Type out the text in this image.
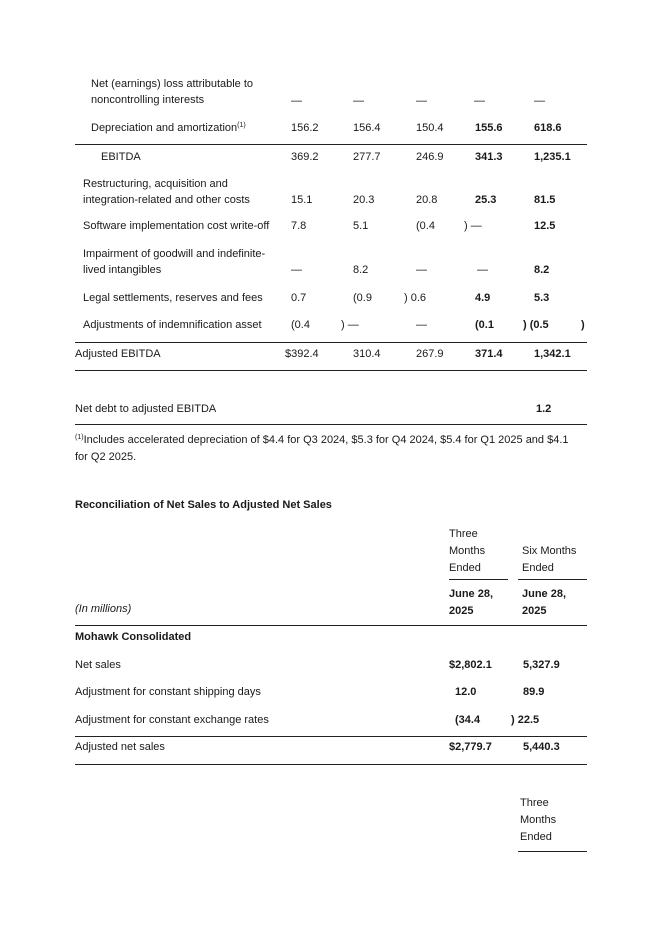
Net (earnings) loss attributable to
noncontrolling interests	—	—	—	—	—
Depreciation and amortization$^{(1)}$	156.2	156.4	150.4	155.6	618.6
EBITDA	369.2	277.7	246.9	341.3	1,235.1
Restructuring, acquisition and
integration-related and other costs	15.1	20.3	20.8	25.3	81.5
Software implementation cost write-off 7.8	5.1	(0.4	) —	12.5
Impairment of goodwill and indefinite-
lived intangibles	—	8.2	—	—	8.2
Legal settlements, reserves and fees	0.7	(0.9	) 0.6	4.9	5.3
Adjustments of indemnification asset	(0.4	) —	—	(0.1	) (0.5	)
Adjusted EBITDA	$392.4	310.4	267.9	371.4	1,342.1
Net debt to adjusted EBITDA	1.2
$^{(1)}$Includes accelerated depreciation of $4.4 for Q3 2024, $5.3 for Q4 2024, $5.4 for Q1 2025 and $4.1
for Q2 2025.
Reconciliation of Net Sales to Adjusted Net Sales
Three
Months
Ended
Six Months
Ended
June 28,
2025
June 28,
2025
(In millions)
Mohawk Consolidated
Net sales	$2,802.1	5,327.9
Adjustment for constant shipping days	12.0	89.9
Adjustment for constant exchange rates	(34.4	) 22.5
Adjusted net sales	$2,779.7	5,440.3
Three
Months
Ended
